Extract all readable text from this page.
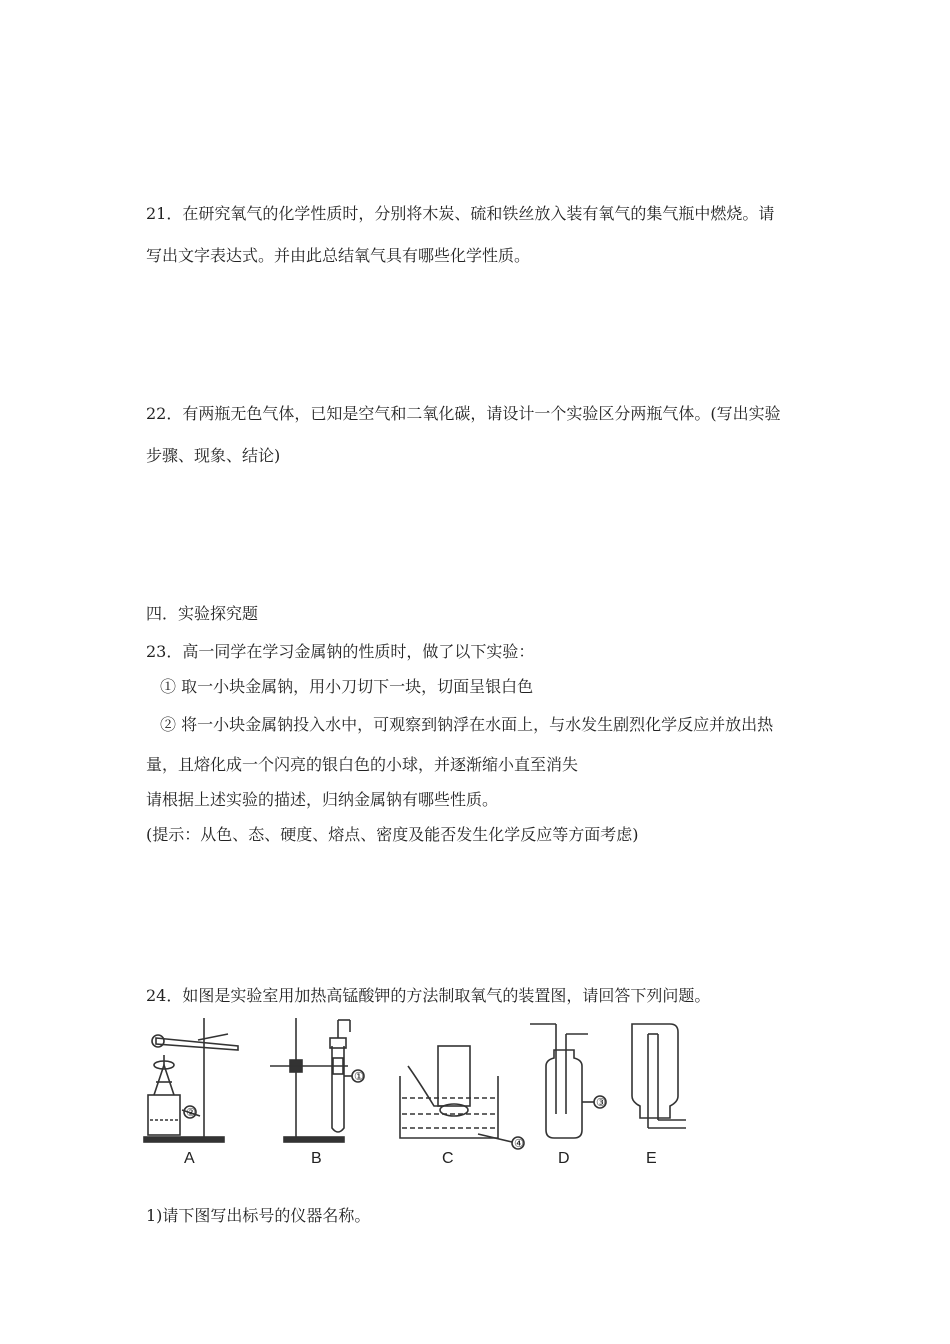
21．在研究氧气的化学性质时，分别将木炭、硫和铁丝放入装有氧气的集气瓶中燃烧。请
写出文字表达式。并由此总结氧气具有哪些化学性质。
22．有两瓶无色气体，已知是空气和二氧化碳，请设计一个实验区分两瓶气体。(写出实验
步骤、现象、结论)
四．实验探究题
23．高一同学在学习金属钠的性质时，做了以下实验：
① 取一小块金属钠，用小刀切下一块，切面呈银白色
② 将一小块金属钠投入水中，可观察到钠浮在水面上，与水发生剧烈化学反应并放出热
量，且熔化成一个闪亮的银白色的小球，并逐渐缩小直至消失
请根据上述实验的描述，归纳金属钠有哪些性质。
(提示：从色、态、硬度、熔点、密度及能否发生化学反应等方面考虑)
24．如图是实验室用加热高锰酸钾的方法制取氧气的装置图，请回答下列问题。
②
①
④
③
A	B	C	D	E
1)请下图写出标号的仪器名称。
